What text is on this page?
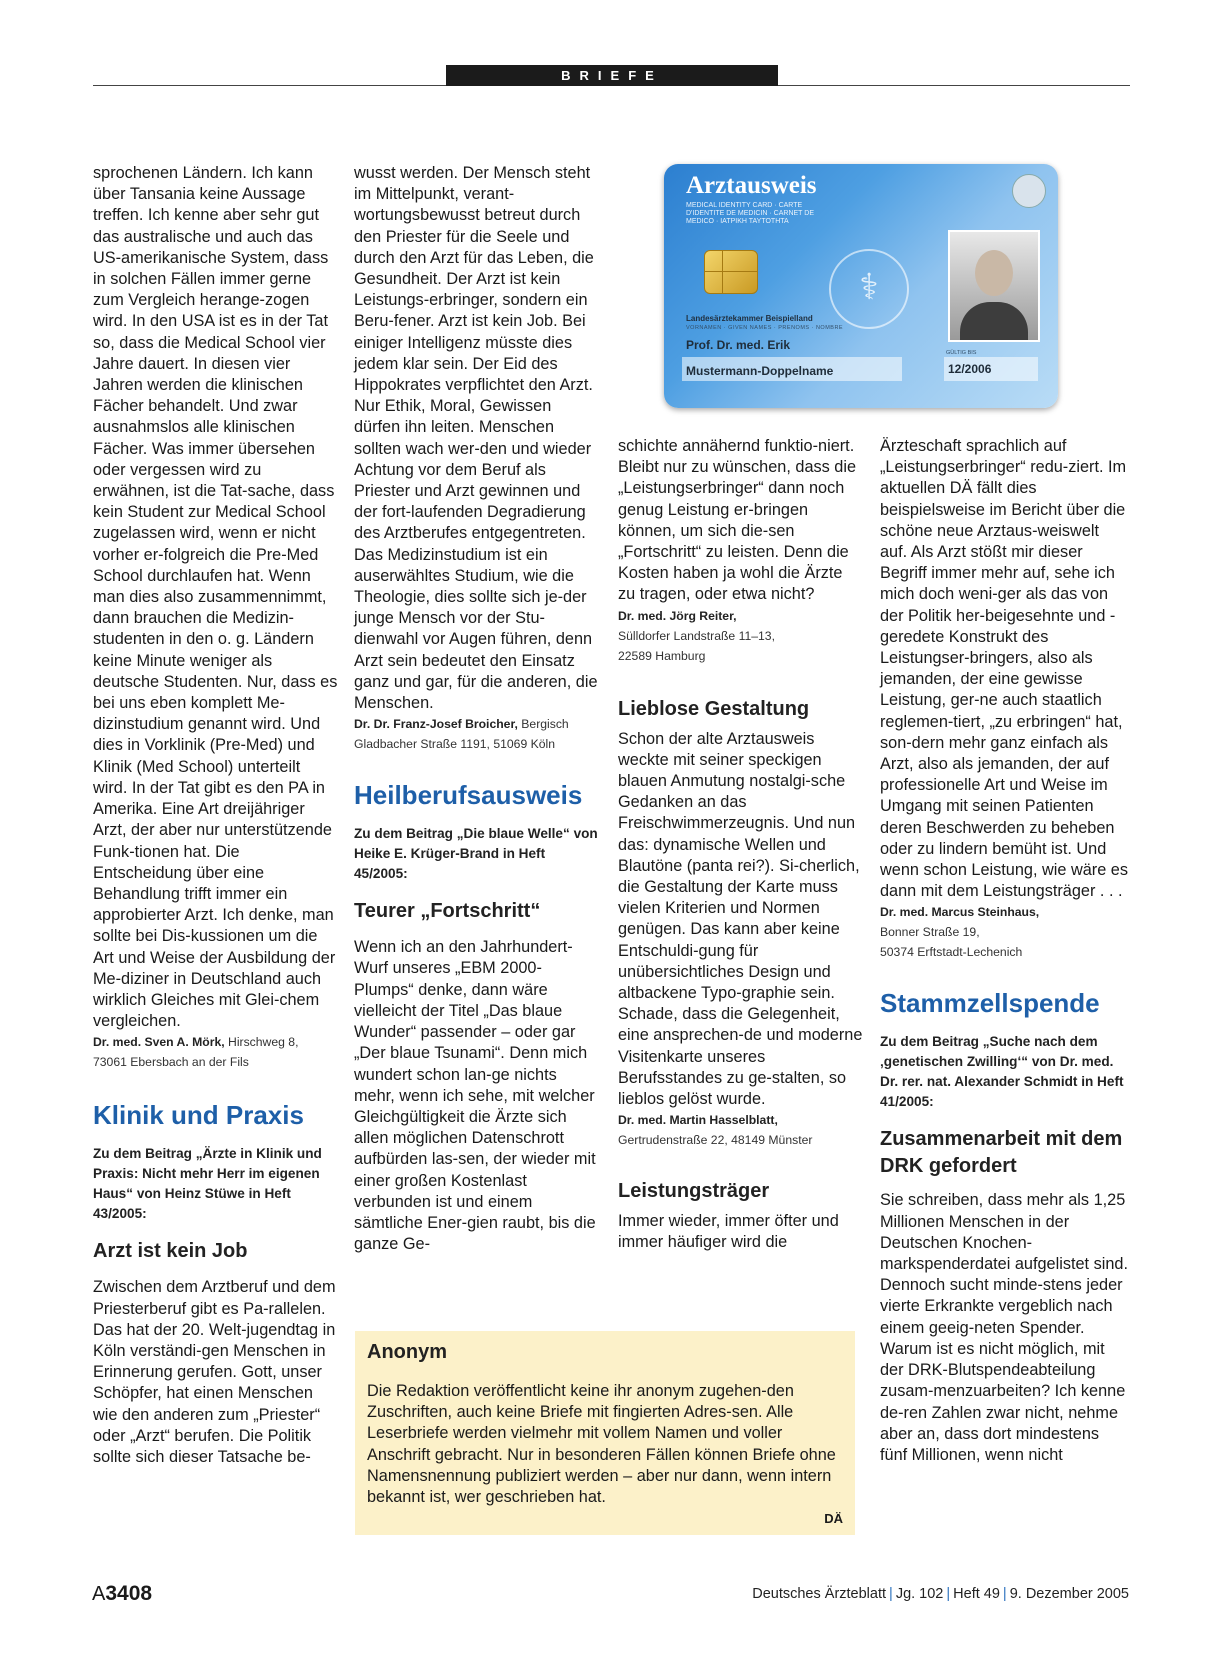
BRIEFE

sprochenen Ländern. Ich kann über Tansania keine Aussage treffen. Ich kenne aber sehr gut das australische und auch das US-amerikanische System, dass in solchen Fällen immer gerne zum Vergleich herange-zogen wird. In den USA ist es in der Tat so, dass die Medical School vier Jahre dauert. In diesen vier Jahren werden die klinischen Fächer behandelt. Und zwar ausnahmslos alle klinischen Fächer. Was immer übersehen oder vergessen wird zu erwähnen, ist die Tat-sache, dass kein Student zur Medical School zugelassen wird, wenn er nicht vorher er-folgreich die Pre-Med School durchlaufen hat. Wenn man dies also zusammennimmt, dann brauchen die Medizin-studenten in den o. g. Ländern keine Minute weniger als deutsche Studenten. Nur, dass es bei uns eben komplett Me-dizinstudium genannt wird. Und dies in Vorklinik (Pre-Med) und Klinik (Med School) unterteilt wird. In der Tat gibt es den PA in Amerika. Eine Art dreijähriger Arzt, der aber nur unterstützende Funk-tionen hat. Die Entscheidung über eine Behandlung trifft immer ein approbierter Arzt. Ich denke, man sollte bei Dis-kussionen um die Art und Weise der Ausbildung der Me-diziner in Deutschland auch wirklich Gleiches mit Glei-chem vergleichen.

Dr. med. Sven A. Mörk, Hirschweg 8,
73061 Ebersbach an der Fils
Klinik und Praxis
Zu dem Beitrag „Ärzte in Klinik und Praxis: Nicht mehr Herr im eigenen Haus“ von Heinz Stüwe in Heft 43/2005:
Arzt ist kein Job

Zwischen dem Arztberuf und dem Priesterberuf gibt es Pa-rallelen. Das hat der 20. Welt-jugendtag in Köln verständi-gen Menschen in Erinnerung gerufen. Gott, unser Schöpfer, hat einen Menschen wie den anderen zum „Priester“ oder „Arzt“ berufen. Die Politik sollte sich dieser Tatsache be-

wusst werden. Der Mensch steht im Mittelpunkt, verant-wortungsbewusst betreut durch den Priester für die Seele und durch den Arzt für das Leben, die Gesundheit. Der Arzt ist kein Leistungs-erbringer, sondern ein Beru-fener. Arzt ist kein Job. Bei einiger Intelligenz müsste dies jedem klar sein. Der Eid des Hippokrates verpflichtet den Arzt. Nur Ethik, Moral, Gewissen dürfen ihn leiten. Menschen sollten wach wer-den und wieder Achtung vor dem Beruf als Priester und Arzt gewinnen und der fort-laufenden Degradierung des Arztberufes entgegentreten. Das Medizinstudium ist ein auserwähltes Studium, wie die Theologie, dies sollte sich je-der junge Mensch vor der Stu-dienwahl vor Augen führen, denn Arzt sein bedeutet den Einsatz ganz und gar, für die anderen, die Menschen.

Dr. Dr. Franz-Josef Broicher, Bergisch Gladbacher Straße 1191, 51069 Köln
Heilberufsausweis
Zu dem Beitrag „Die blaue Welle“ von Heike E. Krüger-Brand in Heft 45/2005:
Teurer „Fortschritt“

Wenn ich an den Jahrhundert-Wurf unseres „EBM 2000-Plumps“ denke, dann wäre vielleicht der Titel „Das blaue Wunder“ passender – oder gar „Der blaue Tsunami“. Denn mich wundert schon lan-ge nichts mehr, wenn ich sehe, mit welcher Gleichgültigkeit die Ärzte sich allen möglichen Datenschrott aufbürden las-sen, der wieder mit einer großen Kostenlast verbunden ist und einem sämtliche Ener-gien raubt, bis die ganze Ge-

Arztausweis
MEDICAL IDENTITY CARD · CARTE D'IDENTITE DE MEDICIN · CARNET DE MEDICO · ΙΑΤΡΙΚΗ ΤΑΥΤΟΤΗΤΑ
⚕
Landesärztekammer Beispielland
VORNAMEN · GIVEN NAMES · PRENOMS · NOMBRE
Prof. Dr. med. Erik
Mustermann-Doppelname
GÜLTIG BIS
12/2006

schichte annähernd funktio-niert. Bleibt nur zu wünschen, dass die „Leistungserbringer“ dann noch genug Leistung er-bringen können, um sich die-sen „Fortschritt“ zu leisten. Denn die Kosten haben ja wohl die Ärzte zu tragen, oder etwa nicht?

Dr. med. Jörg Reiter,
Sülldorfer Landstraße 11–13,
22589 Hamburg
Lieblose Gestaltung

Schon der alte Arztausweis weckte mit seiner speckigen blauen Anmutung nostalgi-sche Gedanken an das Freischwimmerzeugnis. Und nun das: dynamische Wellen und Blautöne (panta rei?). Si-cherlich, die Gestaltung der Karte muss vielen Kriterien und Normen genügen. Das kann aber keine Entschuldi-gung für unübersichtliches Design und altbackene Typo-graphie sein. Schade, dass die Gelegenheit, eine ansprechen-de und moderne Visitenkarte unseres Berufsstandes zu ge-stalten, so lieblos gelöst wurde.

Dr. med. Martin Hasselblatt,
Gertrudenstraße 22, 48149 Münster
Leistungsträger

Immer wieder, immer öfter und immer häufiger wird die

Ärzteschaft sprachlich auf „Leistungserbringer“ redu-ziert. Im aktuellen DÄ fällt dies beispielsweise im Bericht über die schöne neue Arztaus-weiswelt auf. Als Arzt stößt mir dieser Begriff immer mehr auf, sehe ich mich doch weni-ger als das von der Politik her-beigesehnte und -geredete Konstrukt des Leistungser-bringers, also als jemanden, der eine gewisse Leistung, ger-ne auch staatlich reglemen-tiert, „zu erbringen“ hat, son-dern mehr ganz einfach als Arzt, also als jemanden, der auf professionelle Art und Weise im Umgang mit seinen Patienten deren Beschwerden zu beheben oder zu lindern bemüht ist. Und wenn schon Leistung, wie wäre es dann mit dem Leistungsträger . . .

Dr. med. Marcus Steinhaus,
Bonner Straße 19,
50374 Erftstadt-Lechenich
Stammzellspende
Zu dem Beitrag „Suche nach dem ‚genetischen Zwilling‘“ von Dr. med. Dr. rer. nat. Alexander Schmidt in Heft 41/2005:
Zusammenarbeit mit dem DRK gefordert

Sie schreiben, dass mehr als 1,25 Millionen Menschen in der Deutschen Knochen-markspenderdatei aufgelistet sind. Dennoch sucht minde-stens jeder vierte Erkrankte vergeblich nach einem geeig-neten Spender. Warum ist es nicht möglich, mit der DRK-Blutspendeabteilung zusam-menzuarbeiten? Ich kenne de-ren Zahlen zwar nicht, nehme aber an, dass dort mindestens fünf Millionen, wenn nicht

Anonym
Die Redaktion veröffentlicht keine ihr anonym zugehen-den Zuschriften, auch keine Briefe mit fingierten Adres-sen. Alle Leserbriefe werden vielmehr mit vollem Namen und voller Anschrift gebracht. Nur in besonderen Fällen können Briefe ohne Namensnennung publiziert werden – aber nur dann, wenn intern bekannt ist, wer geschrieben hat.
DÄ
A3408	Deutsches Ärzteblatt | Jg. 102 | Heft 49 | 9. Dezember 2005
